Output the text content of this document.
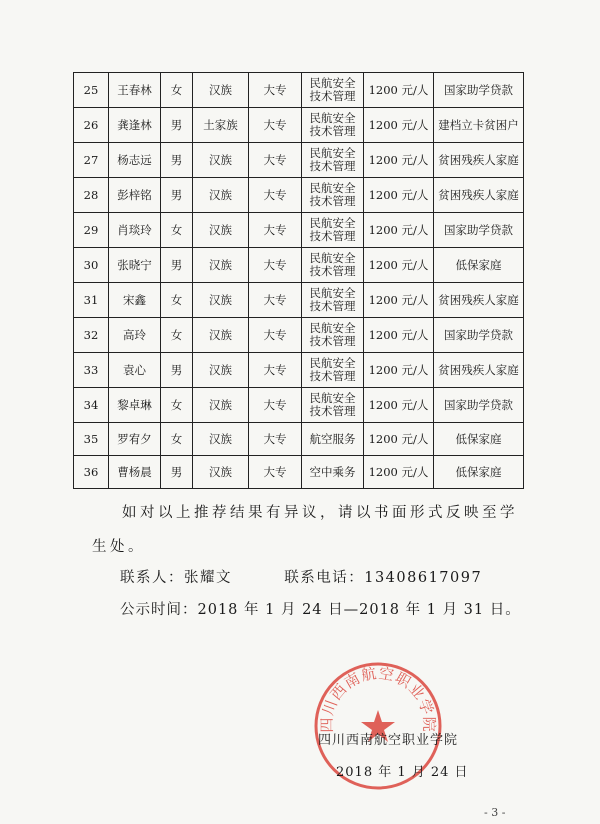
25	王春林	女	汉族	大专	民航安全
技术管理	1200 元/人	国家助学贷款
26	龚逢林	男	土家族	大专	民航安全
技术管理	1200 元/人	建档立卡贫困户
27	杨志远	男	汉族	大专	民航安全
技术管理	1200 元/人	贫困残疾人家庭
28	彭梓铭	男	汉族	大专	民航安全
技术管理	1200 元/人	贫困残疾人家庭
29	肖琰玲	女	汉族	大专	民航安全
技术管理	1200 元/人	国家助学贷款
30	张晓宁	男	汉族	大专	民航安全
技术管理	1200 元/人	低保家庭
31	宋鑫	女	汉族	大专	民航安全
技术管理	1200 元/人	贫困残疾人家庭
32	高玲	女	汉族	大专	民航安全
技术管理	1200 元/人	国家助学贷款
33	袁心	男	汉族	大专	民航安全
技术管理	1200 元/人	贫困残疾人家庭
34	黎卓琳	女	汉族	大专	民航安全
技术管理	1200 元/人	国家助学贷款
35	罗宥夕	女	汉族	大专	航空服务	1200 元/人	低保家庭
36	曹杨晨	男	汉族	大专	空中乘务	1200 元/人	低保家庭
如对以上推荐结果有异议，请以书面形式反映至学生处。
联系人：张耀文	联系电话：13408617097
公示时间：2018 年 1 月 24 日—2018 年 1 月 31 日。
四川西南航空职业学院
四川西南航空职业学院
2018 年 1 月 24 日
- 3 -
